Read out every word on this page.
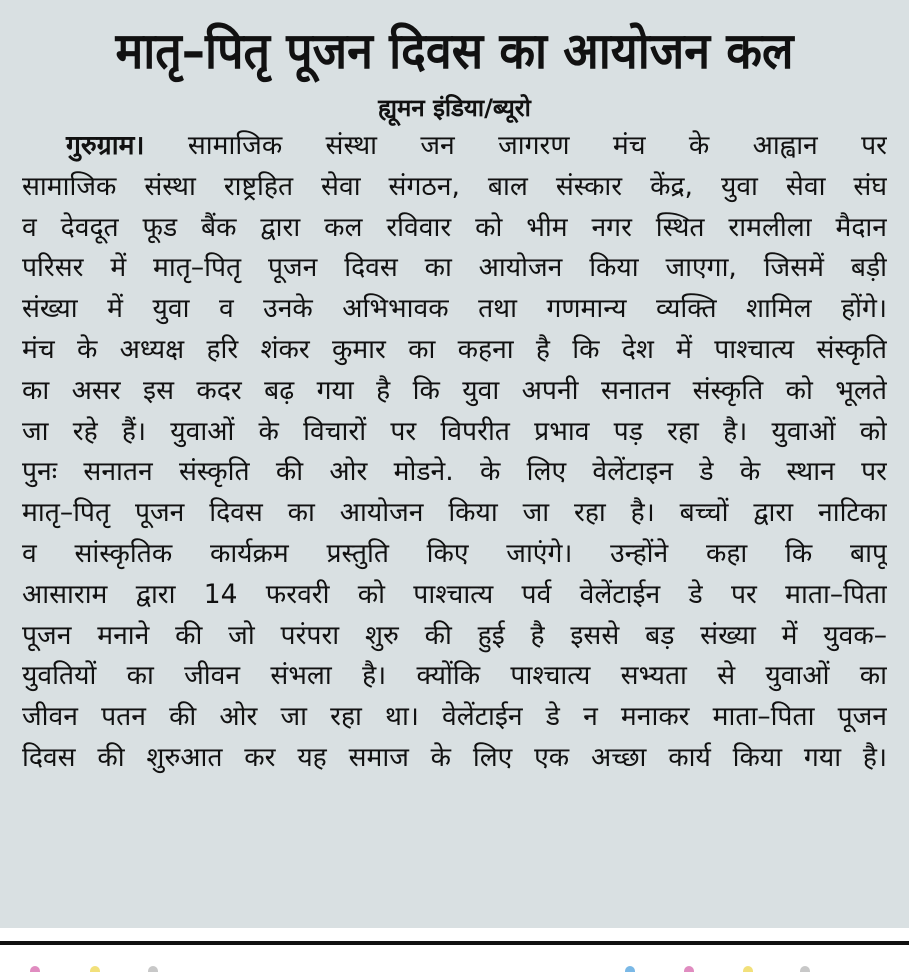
मातृ–पितृ पूजन दिवस का आयोजन कल
ह्यूमन इंडिया/ब्यूरो
गुरुग्राम। सामाजिक संस्था जन जागरण मंच के आह्वान पर
सामाजिक संस्था राष्ट्रहित सेवा संगठन, बाल संस्कार केंद्र, युवा सेवा संघ
व देवदूत फूड बैंक द्वारा कल रविवार को भीम नगर स्थित रामलीला मैदान
परिसर में मातृ–पितृ पूजन दिवस का आयोजन किया जाएगा, जिसमें बड़ी
संख्या में युवा व उनके अभिभावक तथा गणमान्य व्यक्ति शामिल होंगे।
मंच के अध्यक्ष हरि शंकर कुमार का कहना है कि देश में पाश्चात्य संस्कृति
का असर इस कदर बढ़ गया है कि युवा अपनी सनातन संस्कृति को भूलते
जा रहे हैं। युवाओं के विचारों पर विपरीत प्रभाव पड़ रहा है। युवाओं को
पुनः सनातन संस्कृति की ओर मोडने. के लिए वेलेंटाइन डे के स्थान पर
मातृ–पितृ पूजन दिवस का आयोजन किया जा रहा है। बच्चों द्वारा नाटिका
व सांस्कृतिक कार्यक्रम प्रस्तुति किए जाएंगे। उन्होंने कहा कि बापू
आसाराम द्वारा 14 फरवरी को पाश्चात्य पर्व वेलेंटाईन डे पर माता–पिता
पूजन मनाने की जो परंपरा शुरु की हुई है इससे बड़ संख्या में युवक–
युवतियों का जीवन संभला है। क्योंकि पाश्चात्य सभ्यता से युवाओं का
जीवन पतन की ओर जा रहा था। वेलेंटाईन डे न मनाकर माता–पिता पूजन
दिवस की शुरुआत कर यह समाज के लिए एक अच्छा कार्य किया गया है।
